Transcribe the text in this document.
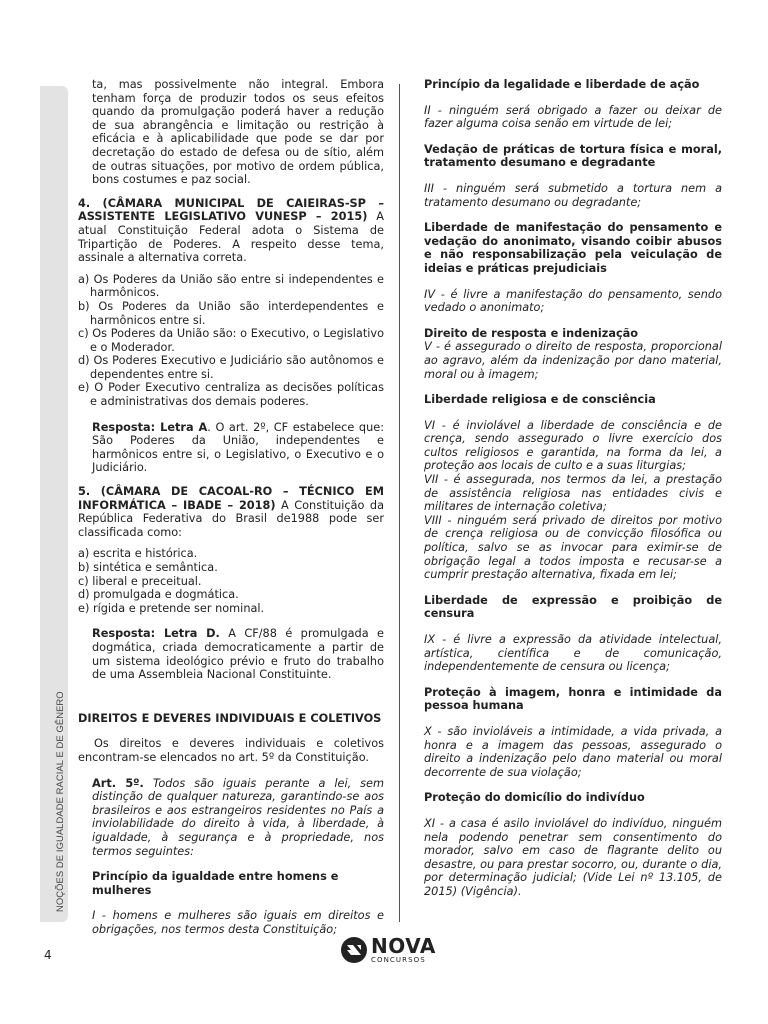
NOÇÕES DE IGUALDADE RACIAL E DE GÊNERO

ta, mas possivelmente não integral. Embora tenham força de produzir todos os seus efeitos quando da promulgação poderá haver a redução de sua abrangência e limitação ou restrição à eficácia e à aplicabilidade que pode se dar por decretação do estado de defesa ou de sítio, além de outras situações, por motivo de ordem pública, bons costumes e paz social.

4. (CÂMARA MUNICIPAL DE CAIEIRAS-SP – ASSISTENTE LEGISLATIVO VUNESP – 2015) A atual Constituição Federal adota o Sistema de Tripartição de Poderes. A respeito desse tema, assinale a alternativa correta.

a) Os Poderes da União são entre si independentes e harmônicos.

b) Os Poderes da União são interdependentes e harmônicos entre si.

c) Os Poderes da União são: o Executivo, o Legislativo e o Moderador.

d) Os Poderes Executivo e Judiciário são autônomos e dependentes entre si.

e) O Poder Executivo centraliza as decisões políticas e administrativas dos demais poderes.

Resposta: Letra A. O art. 2º, CF estabelece que: São Poderes da União, independentes e harmônicos entre si, o Legislativo, o Executivo e o Judiciário.

5. (CÂMARA DE CACOAL-RO – TÉCNICO EM INFORMÁTICA – IBADE – 2018) A Constituição da República Federativa do Brasil de1988 pode ser classificada como:

a) escrita e histórica.

b) sintética e semântica.

c) liberal e preceitual.

d) promulgada e dogmática.

e) rígida e pretende ser nominal.

Resposta: Letra D. A CF/88 é promulgada e dogmática, criada democraticamente a partir de um sistema ideológico prévio e fruto do trabalho de uma Assembleia Nacional Constituinte.

DIREITOS E DEVERES INDIVIDUAIS E COLETIVOS

Os direitos e deveres individuais e coletivos encontram-se elencados no art. 5º da Constituição.

Art. 5º. Todos são iguais perante a lei, sem distinção de qualquer natureza, garantindo-se aos brasileiros e aos estrangeiros residentes no País a inviolabilidade do direito à vida, à liberdade, à igualdade, à segurança e à propriedade, nos termos seguintes:

Princípio da igualdade entre homens e mulheres

I - homens e mulheres são iguais em direitos e obrigações, nos termos desta Constituição;

Princípio da legalidade e liberdade de ação

II - ninguém será obrigado a fazer ou deixar de fazer alguma coisa senão em virtude de lei;

Vedação de práticas de tortura física e moral, tratamento desumano e degradante

III - ninguém será submetido a tortura nem a tratamento desumano ou degradante;

Liberdade de manifestação do pensamento e vedação do anonimato, visando coibir abusos e não responsabilização pela veiculação de ideias e práticas prejudiciais

IV - é livre a manifestação do pensamento, sendo vedado o anonimato;

Direito de resposta e indenização

V - é assegurado o direito de resposta, proporcional ao agravo, além da indenização por dano material, moral ou à imagem;

Liberdade religiosa e de consciência

VI - é inviolável a liberdade de consciência e de crença, sendo assegurado o livre exercício dos cultos religiosos e garantida, na forma da lei, a proteção aos locais de culto e a suas liturgias;

VII - é assegurada, nos termos da lei, a prestação de assistência religiosa nas entidades civis e militares de internação coletiva;

VIII - ninguém será privado de direitos por motivo de crença religiosa ou de convicção filosófica ou política, salvo se as invocar para eximir-se de obrigação legal a todos imposta e recusar-se a cumprir prestação alternativa, fixada em lei;

Liberdade de expressão e proibição de censura

IX - é livre a expressão da atividade intelectual, artística, científica e de comunicação, independentemente de censura ou licença;

Proteção à imagem, honra e intimidade da pessoa humana

X - são invioláveis a intimidade, a vida privada, a honra e a imagem das pessoas, assegurado o direito a indenização pelo dano material ou moral decorrente de sua violação;

Proteção do domicílio do indivíduo

XI - a casa é asilo inviolável do indivíduo, ninguém nela podendo penetrar sem consentimento do morador, salvo em caso de flagrante delito ou desastre, ou para prestar socorro, ou, durante o dia, por determinação judicial; (Vide Lei nº 13.105, de 2015) (Vigência).

4	NOVA
CONCURSOS
